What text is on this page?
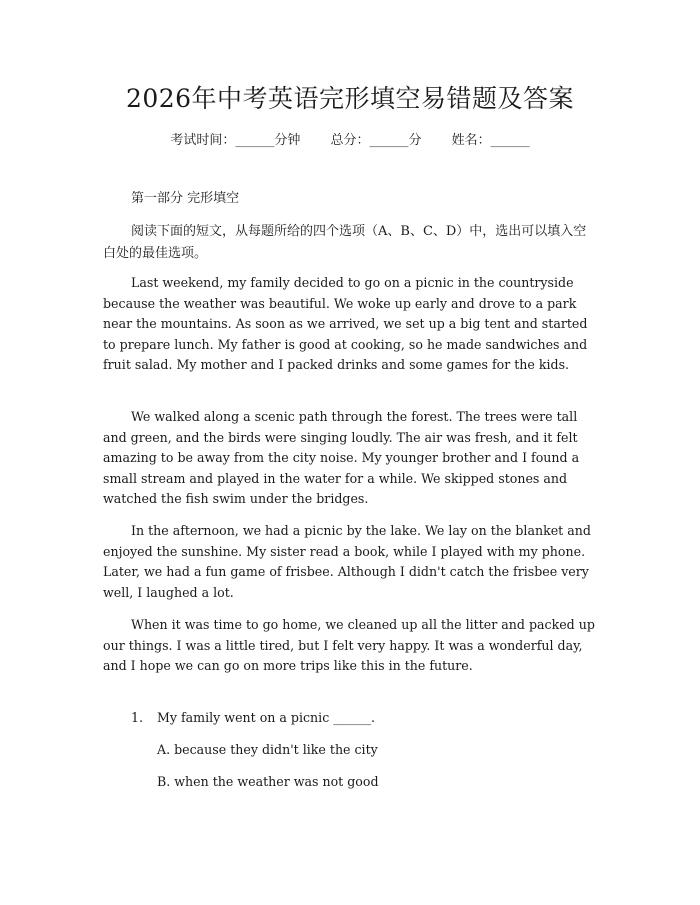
2026年中考英语完形填空易错题及答案
考试时间：______分钟 总分：______分 姓名：______
第一部分 完形填空

阅读下面的短文，从每题所给的四个选项（A、B、C、D）中，选出可以填入空白处的最佳选项。

Last weekend, my family decided to go on a picnic in the countryside because the weather was beautiful. We woke up early and drove to a park near the mountains. As soon as we arrived, we set up a big tent and started to prepare lunch. My father is good at cooking, so he made sandwiches and fruit salad. My mother and I packed drinks and some games for the kids.

We walked along a scenic path through the forest. The trees were tall and green, and the birds were singing loudly. The air was fresh, and it felt amazing to be away from the city noise. My younger brother and I found a small stream and played in the water for a while. We skipped stones and watched the fish swim under the bridges.

In the afternoon, we had a picnic by the lake. We lay on the blanket and enjoyed the sunshine. My sister read a book, while I played with my phone. Later, we had a fun game of frisbee. Although I didn't catch the frisbee very well, I laughed a lot.

When it was time to go home, we cleaned up all the litter and packed up our things. I was a little tired, but I felt very happy. It was a wonderful day, and I hope we can go on more trips like this in the future.

1. My family went on a picnic ______.
A. because they didn't like the city
B. when the weather was not good
